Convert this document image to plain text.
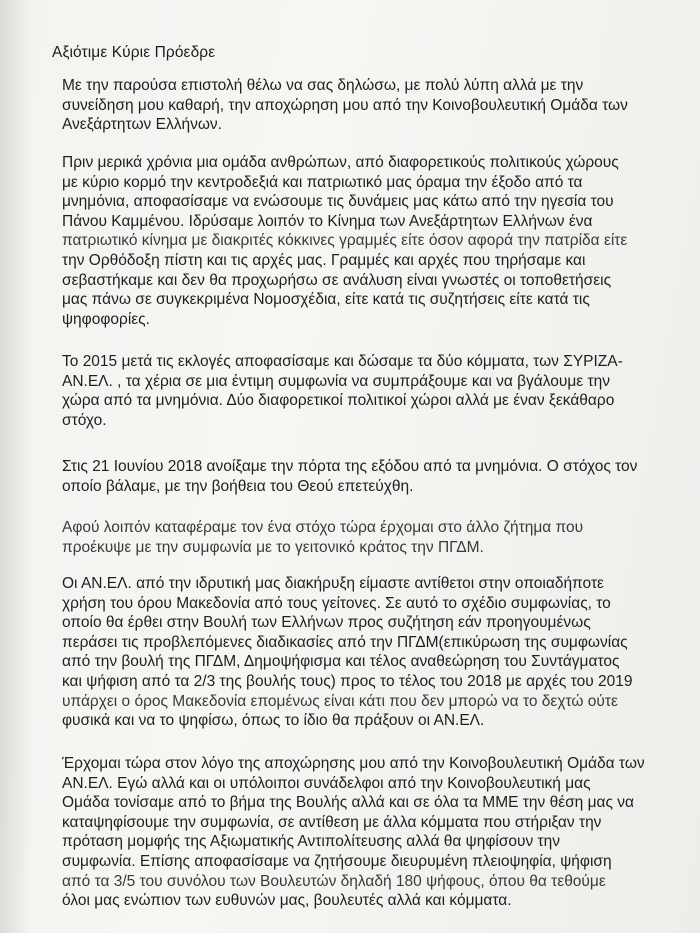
Αξιότιμε Κύριε Πρόεδρε
Με την παρούσα επιστολή θέλω να σας δηλώσω, με πολύ λύπη αλλά με την
συνείδηση μου καθαρή, την αποχώρηση μου από την Κοινοβουλευτική Ομάδα των
Ανεξάρτητων Ελλήνων.
Πριν μερικά χρόνια μια ομάδα ανθρώπων, από διαφορετικούς πολιτικούς χώρους
με κύριο κορμό την κεντροδεξιά και πατριωτικό μας όραμα την έξοδο από τα
μνημόνια, αποφασίσαμε να ενώσουμε τις δυνάμεις μας κάτω από την ηγεσία του
Πάνου Καμμένου. Ιδρύσαμε λοιπόν το Κίνημα των Ανεξάρτητων Ελλήνων ένα
πατριωτικό κίνημα με διακριτές κόκκινες γραμμές είτε όσον αφορά την πατρίδα είτε
την Ορθόδοξη πίστη και τις αρχές μας. Γραμμές και αρχές που τηρήσαμε και
σεβαστήκαμε και δεν θα προχωρήσω σε ανάλυση είναι γνωστές οι τοποθετήσεις
μας πάνω σε συγκεκριμένα Νομοσχέδια, είτε κατά τις συζητήσεις είτε κατά τις
ψηφοφορίες.
Το 2015 μετά τις εκλογές αποφασίσαμε και δώσαμε τα δύο κόμματα, των ΣΥΡΙΖΑ-
ΑΝ.ΕΛ. , τα χέρια σε μια έντιμη συμφωνία να συμπράξουμε και να βγάλουμε την
χώρα από τα μνημόνια. Δύο διαφορετικοί πολιτικοί χώροι αλλά με έναν ξεκάθαρο
στόχο.
Στις 21 Ιουνίου 2018 ανοίξαμε την πόρτα της εξόδου από τα μνημόνια. Ο στόχος τον
οποίο βάλαμε, με την βοήθεια του Θεού επετεύχθη.
Αφού λοιπόν καταφέραμε τον ένα στόχο τώρα έρχομαι στο άλλο ζήτημα που
προέκυψε με την συμφωνία με το γειτονικό κράτος την ΠΓΔΜ.
Οι ΑΝ.ΕΛ. από την ιδρυτική μας διακήρυξη είμαστε αντίθετοι στην οποιαδήποτε
χρήση του όρου Μακεδονία από τους γείτονες. Σε αυτό το σχέδιο συμφωνίας, το
οποίο θα έρθει στην Βουλή των Ελλήνων προς συζήτηση εάν προηγουμένως
περάσει τις προβλεπόμενες διαδικασίες από την ΠΓΔΜ(επικύρωση της συμφωνίας
από την βουλή της ΠΓΔΜ, Δημοψήφισμα και τέλος αναθεώρηση του Συντάγματος
και ψήφιση από τα 2/3 της βουλής τους) προς το τέλος του 2018 με αρχές του 2019
υπάρχει ο όρος Μακεδονία επομένως είναι κάτι που δεν μπορώ να το δεχτώ ούτε
φυσικά και να το ψηφίσω, όπως το ίδιο θα πράξουν οι ΑΝ.ΕΛ.
Έρχομαι τώρα στον λόγο της αποχώρησης μου από την Κοινοβουλευτική Ομάδα των
ΑΝ.ΕΛ. Εγώ αλλά και οι υπόλοιποι συνάδελφοι από την Κοινοβουλευτική μας
Ομάδα τονίσαμε από το βήμα της Βουλής αλλά και σε όλα τα ΜΜΕ την θέση μας να
καταψηφίσουμε την συμφωνία, σε αντίθεση με άλλα κόμματα που στήριξαν την
πρόταση μομφής της Αξιωματικής Αντιπολίτευσης αλλά θα ψηφίσουν την
συμφωνία. Επίσης αποφασίσαμε να ζητήσουμε διευρυμένη πλειοψηφία, ψήφιση
από τα 3/5 του συνόλου των Βουλευτών δηλαδή 180 ψήφους, όπου θα τεθούμε
όλοι μας ενώπιον των ευθυνών μας, βουλευτές αλλά και κόμματα.
